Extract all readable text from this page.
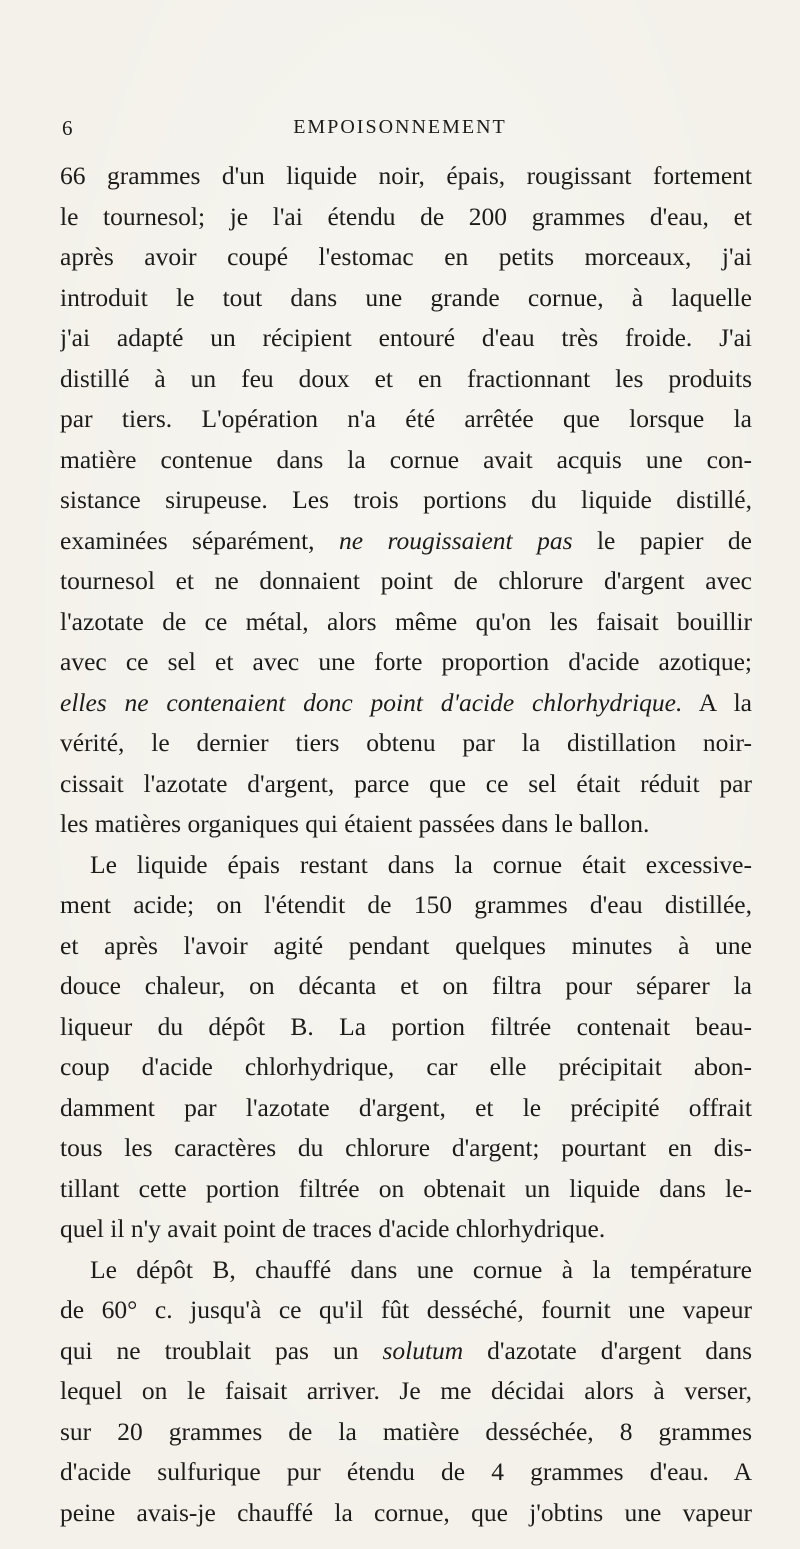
6	EMPOISONNEMENT
66 grammes d'un liquide noir, épais, rougissant fortement
le tournesol; je l'ai étendu de 200 grammes d'eau, et
après avoir coupé l'estomac en petits morceaux, j'ai
introduit le tout dans une grande cornue, à laquelle
j'ai adapté un récipient entouré d'eau très froide. J'ai
distillé à un feu doux et en fractionnant les produits
par tiers. L'opération n'a été arrêtée que lorsque la
matière contenue dans la cornue avait acquis une con-
sistance sirupeuse. Les trois portions du liquide distillé,
examinées séparément, ne rougissaient pas le papier de
tournesol et ne donnaient point de chlorure d'argent avec
l'azotate de ce métal, alors même qu'on les faisait bouillir
avec ce sel et avec une forte proportion d'acide azotique;
elles ne contenaient donc point d'acide chlorhydrique. A la
vérité, le dernier tiers obtenu par la distillation noir-
cissait l'azotate d'argent, parce que ce sel était réduit par
les matières organiques qui étaient passées dans le ballon.
Le liquide épais restant dans la cornue était excessive-
ment acide; on l'étendit de 150 grammes d'eau distillée,
et après l'avoir agité pendant quelques minutes à une
douce chaleur, on décanta et on filtra pour séparer la
liqueur du dépôt B. La portion filtrée contenait beau-
coup d'acide chlorhydrique, car elle précipitait abon-
damment par l'azotate d'argent, et le précipité offrait
tous les caractères du chlorure d'argent; pourtant en dis-
tillant cette portion filtrée on obtenait un liquide dans le-
quel il n'y avait point de traces d'acide chlorhydrique.
Le dépôt B, chauffé dans une cornue à la température
de 60° c. jusqu'à ce qu'il fût desséché, fournit une vapeur
qui ne troublait pas un solutum d'azotate d'argent dans
lequel on le faisait arriver. Je me décidai alors à verser,
sur 20 grammes de la matière desséchée, 8 grammes
d'acide sulfurique pur étendu de 4 grammes d'eau. A
peine avais-je chauffé la cornue, que j'obtins une vapeur
